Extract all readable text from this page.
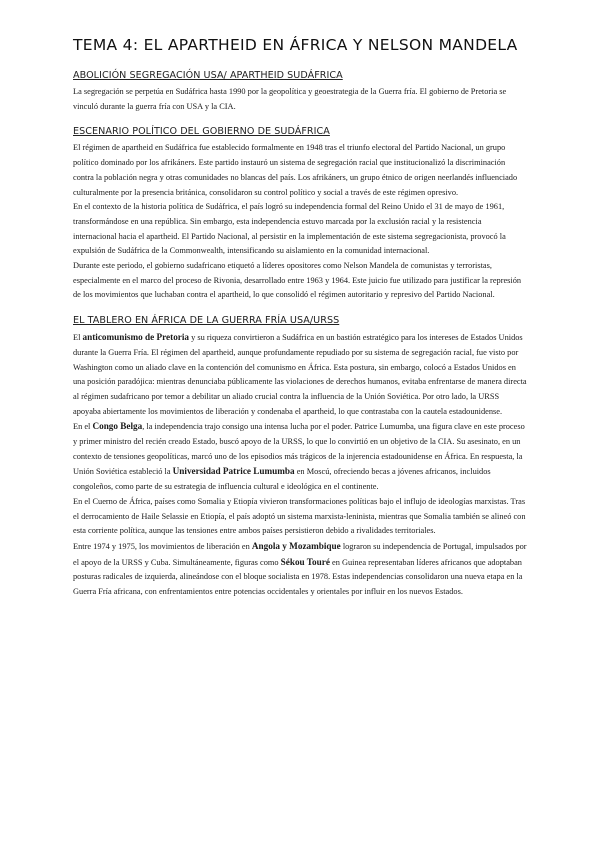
TEMA 4: EL APARTHEID EN ÁFRICA Y NELSON MANDELA
ABOLICIÓN SEGREGACIÓN USA/ APARTHEID SUDÁFRICA

La segregación se perpetúa en Sudáfrica hasta 1990 por la geopolítica y geoestrategia de la Guerra fría. El gobierno de Pretoria se vinculó durante la guerra fría con USA y la CIA.

ESCENARIO POLÍTICO DEL GOBIERNO DE SUDÁFRICA

El régimen de apartheid en Sudáfrica fue establecido formalmente en 1948 tras el triunfo electoral del Partido Nacional, un grupo político dominado por los afrikáners. Este partido instauró un sistema de segregación racial que institucionalizó la discriminación contra la población negra y otras comunidades no blancas del país. Los afrikáners, un grupo étnico de origen neerlandés influenciado culturalmente por la presencia británica, consolidaron su control político y social a través de este régimen opresivo.

En el contexto de la historia política de Sudáfrica, el país logró su independencia formal del Reino Unido el 31 de mayo de 1961, transformándose en una república. Sin embargo, esta independencia estuvo marcada por la exclusión racial y la resistencia internacional hacia el apartheid. El Partido Nacional, al persistir en la implementación de este sistema segregacionista, provocó la expulsión de Sudáfrica de la Commonwealth, intensificando su aislamiento en la comunidad internacional.

Durante este periodo, el gobierno sudafricano etiquetó a líderes opositores como Nelson Mandela de comunistas y terroristas, especialmente en el marco del proceso de Rivonia, desarrollado entre 1963 y 1964. Este juicio fue utilizado para justificar la represión de los movimientos que luchaban contra el apartheid, lo que consolidó el régimen autoritario y represivo del Partido Nacional.

EL TABLERO EN ÁFRICA DE LA GUERRA FRÍA USA/URSS

El anticomunismo de Pretoria y su riqueza convirtieron a Sudáfrica en un bastión estratégico para los intereses de Estados Unidos durante la Guerra Fría. El régimen del apartheid, aunque profundamente repudiado por su sistema de segregación racial, fue visto por Washington como un aliado clave en la contención del comunismo en África. Esta postura, sin embargo, colocó a Estados Unidos en una posición paradójica: mientras denunciaba públicamente las violaciones de derechos humanos, evitaba enfrentarse de manera directa al régimen sudafricano por temor a debilitar un aliado crucial contra la influencia de la Unión Soviética. Por otro lado, la URSS apoyaba abiertamente los movimientos de liberación y condenaba el apartheid, lo que contrastaba con la cautela estadounidense.

En el Congo Belga, la independencia trajo consigo una intensa lucha por el poder. Patrice Lumumba, una figura clave en este proceso y primer ministro del recién creado Estado, buscó apoyo de la URSS, lo que lo convirtió en un objetivo de la CIA. Su asesinato, en un contexto de tensiones geopolíticas, marcó uno de los episodios más trágicos de la injerencia estadounidense en África. En respuesta, la Unión Soviética estableció la Universidad Patrice Lumumba en Moscú, ofreciendo becas a jóvenes africanos, incluidos congoleños, como parte de su estrategia de influencia cultural e ideológica en el continente.

En el Cuerno de África, países como Somalia y Etiopía vivieron transformaciones políticas bajo el influjo de ideologías marxistas. Tras el derrocamiento de Haile Selassie en Etiopía, el país adoptó un sistema marxista-leninista, mientras que Somalia también se alineó con esta corriente política, aunque las tensiones entre ambos países persistieron debido a rivalidades territoriales.

Entre 1974 y 1975, los movimientos de liberación en Angola y Mozambique lograron su independencia de Portugal, impulsados por el apoyo de la URSS y Cuba. Simultáneamente, figuras como Sékou Touré en Guinea representaban líderes africanos que adoptaban posturas radicales de izquierda, alineándose con el bloque socialista en 1978. Estas independencias consolidaron una nueva etapa en la Guerra Fría africana, con enfrentamientos entre potencias occidentales y orientales por influir en los nuevos Estados.
